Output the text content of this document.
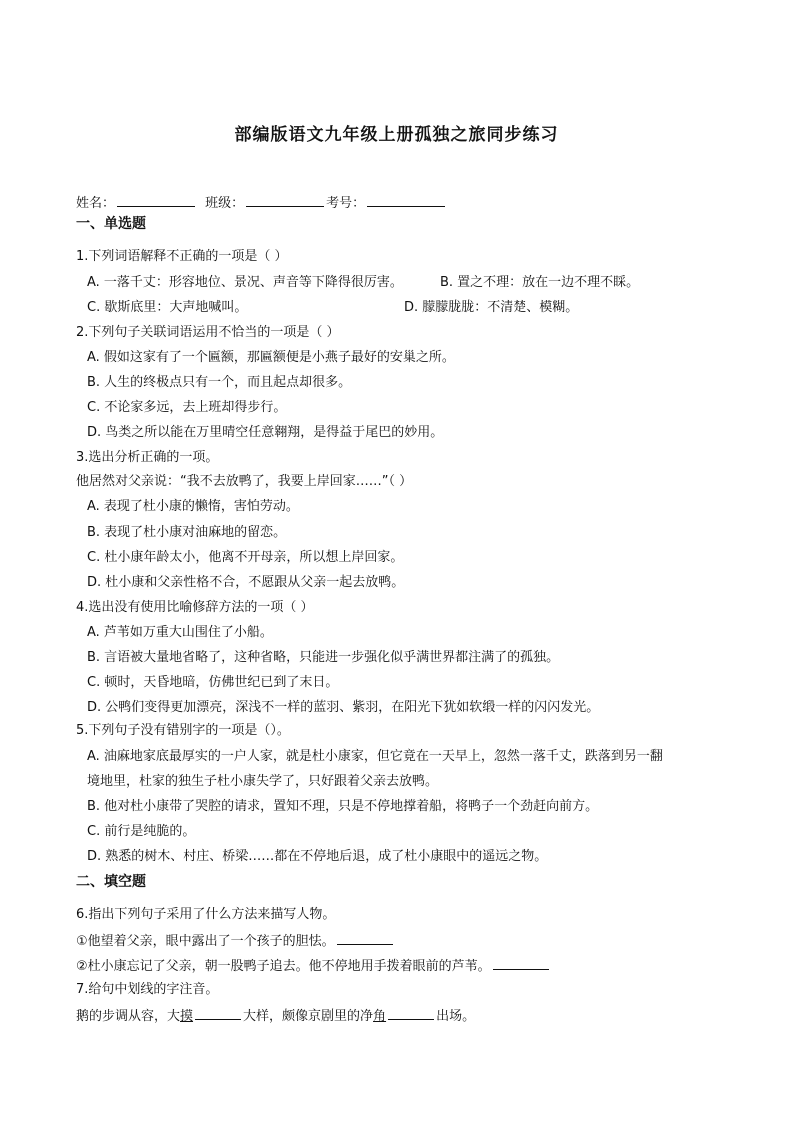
部编版语文九年级上册孤独之旅同步练习
姓名：	班级：	考号：
一、单选题
1.下列词语解释不正确的一项是（ ）
A. 一落千丈：形容地位、景况、声音等下降得很厉害。	B. 置之不理：放在一边不理不睬。
C. 歇斯底里：大声地喊叫。	D. 朦朦胧胧：不清楚、模糊。
2.下列句子关联词语运用不恰当的一项是（ ）
A. 假如这家有了一个匾额，那匾额便是小燕子最好的安巢之所。
B. 人生的终极点只有一个，而且起点却很多。
C. 不论家多远，去上班却得步行。
D. 鸟类之所以能在万里晴空任意翱翔，是得益于尾巴的妙用。
3.选出分析正确的一项。
他居然对父亲说：“我不去放鸭了，我要上岸回家……”（ ）
A. 表现了杜小康的懒惰，害怕劳动。
B. 表现了杜小康对油麻地的留恋。
C. 杜小康年龄太小，他离不开母亲，所以想上岸回家。
D. 杜小康和父亲性格不合，不愿跟从父亲一起去放鸭。
4.选出没有使用比喻修辞方法的一项（ ）
A. 芦苇如万重大山围住了小船。
B. 言语被大量地省略了，这种省略，只能进一步强化似乎满世界都注满了的孤独。
C. 顿时，天昏地暗，仿佛世纪已到了末日。
D. 公鸭们变得更加漂亮，深浅不一样的蓝羽、紫羽，在阳光下犹如软缎一样的闪闪发光。
5.下列句子没有错别字的一项是（）。
A. 油麻地家底最厚实的一户人家，就是杜小康家，但它竟在一天早上，忽然一落千丈，跌落到另一翻
境地里，杜家的独生子杜小康失学了，只好跟着父亲去放鸭。
B. 他对杜小康带了哭腔的请求，置知不理，只是不停地撑着船，将鸭子一个劲赶向前方。
C. 前行是纯脆的。
D. 熟悉的树木、村庄、桥梁……都在不停地后退，成了杜小康眼中的遥远之物。
二、填空题
6.指出下列句子采用了什么方法来描写人物。
①他望着父亲，眼中露出了一个孩子的胆怯。
②杜小康忘记了父亲，朝一股鸭子追去。他不停地用手拨着眼前的芦苇。
7.给句中划线的字注音。
鹅的步调从容，大摸	大样，颇像京剧里的净角	出场。
